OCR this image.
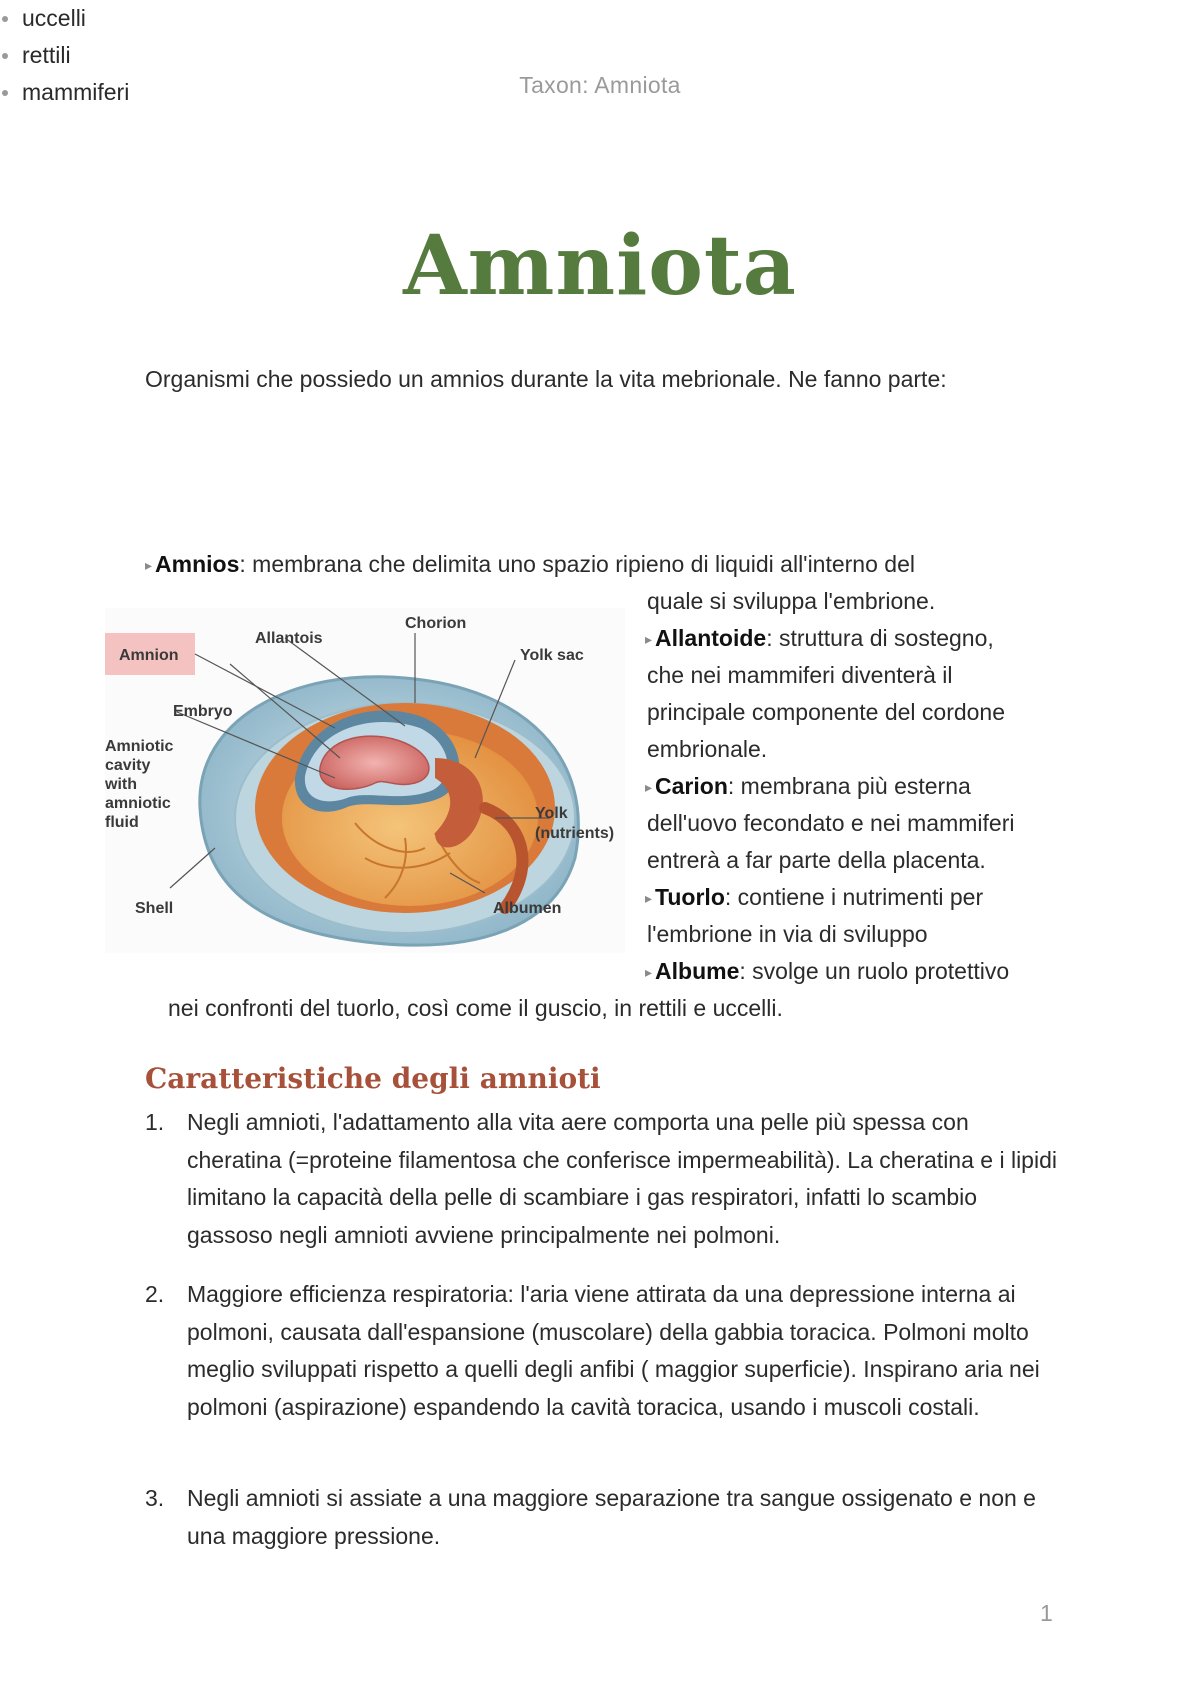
Taxon: Amniota
Amniota
Organismi che possiedo un amnios durante la vita mebrionale. Ne fanno parte:
uccelli
rettili
mammiferi
▸ Amnios: membrana che delimita uno spazio ripieno di liquidi all'interno del
quale si sviluppa l'embrione.
▸ Allantoide: struttura di sostegno,
che nei mammiferi diventerà il
principale componente del cordone
embrionale.
▸ Carion: membrana più esterna
dell'uovo fecondato e nei mammiferi
entrerà a far parte della placenta.
▸ Tuorlo: contiene i nutrimenti per
l'embrione in via di sviluppo
▸ Albume: svolge un ruolo protettivo
nei confronti del tuorlo, così come il guscio, in rettili e uccelli.
Amnion
Allantois
Chorion
Yolk sac
Embryo
Amniotic
cavity
with
amniotic
fluid
Yolk
(nutrients)
Shell	Albumen
Caratteristiche degli amnioti
1. Negli amnioti, l'adattamento alla vita aere comporta una pelle più spessa con cheratina (=proteine filamentosa che conferisce impermeabilità). La cheratina e i lipidi limitano la capacità della pelle di scambiare i gas respiratori, infatti lo scambio gassoso negli amnioti avviene principalmente nei polmoni.
2. Maggiore efficienza respiratoria: l'aria viene attirata da una depressione interna ai polmoni, causata dall'espansione (muscolare) della gabbia toracica. Polmoni molto meglio sviluppati rispetto a quelli degli anfibi ( maggior superficie). Inspirano aria nei polmoni (aspirazione) espandendo la cavità toracica, usando i muscoli costali.
3. Negli amnioti si assiate a una maggiore separazione tra sangue ossigenato e non e una maggiore pressione.
1
